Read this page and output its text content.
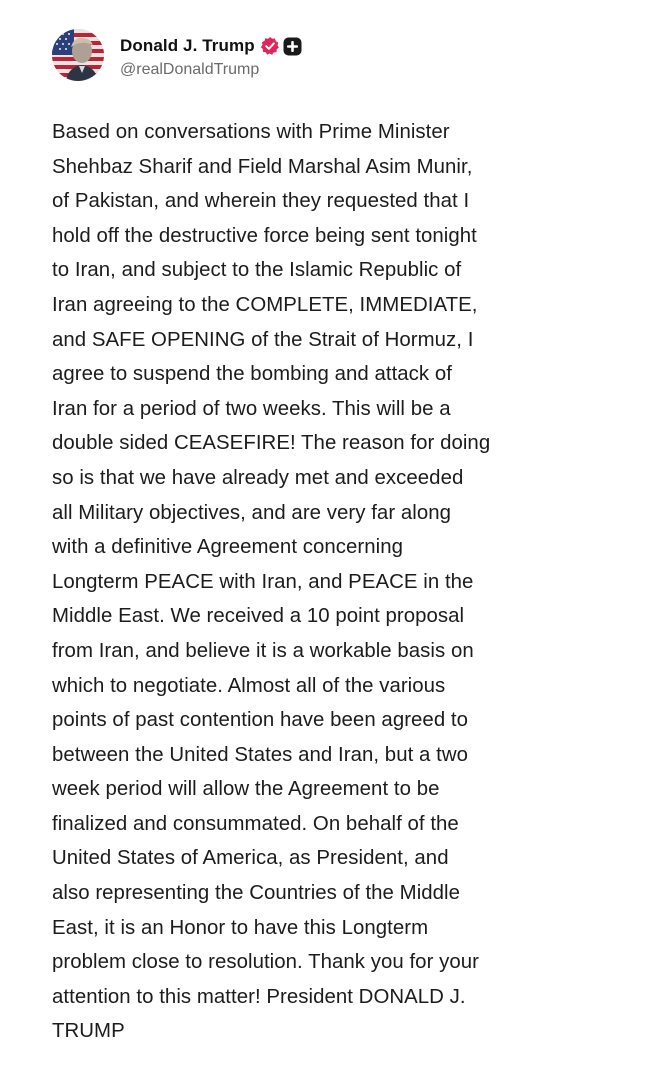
Donald J. Trump
@realDonaldTrump
Based on conversations with Prime Minister
Shehbaz Sharif and Field Marshal Asim Munir,
of Pakistan, and wherein they requested that I
hold off the destructive force being sent tonight
to Iran, and subject to the Islamic Republic of
Iran agreeing to the COMPLETE, IMMEDIATE,
and SAFE OPENING of the Strait of Hormuz, I
agree to suspend the bombing and attack of
Iran for a period of two weeks. This will be a
double sided CEASEFIRE! The reason for doing
so is that we have already met and exceeded
all Military objectives, and are very far along
with a definitive Agreement concerning
Longterm PEACE with Iran, and PEACE in the
Middle East. We received a 10 point proposal
from Iran, and believe it is a workable basis on
which to negotiate. Almost all of the various
points of past contention have been agreed to
between the United States and Iran, but a two
week period will allow the Agreement to be
finalized and consummated. On behalf of the
United States of America, as President, and
also representing the Countries of the Middle
East, it is an Honor to have this Longterm
problem close to resolution. Thank you for your
attention to this matter! President DONALD J.
TRUMP
